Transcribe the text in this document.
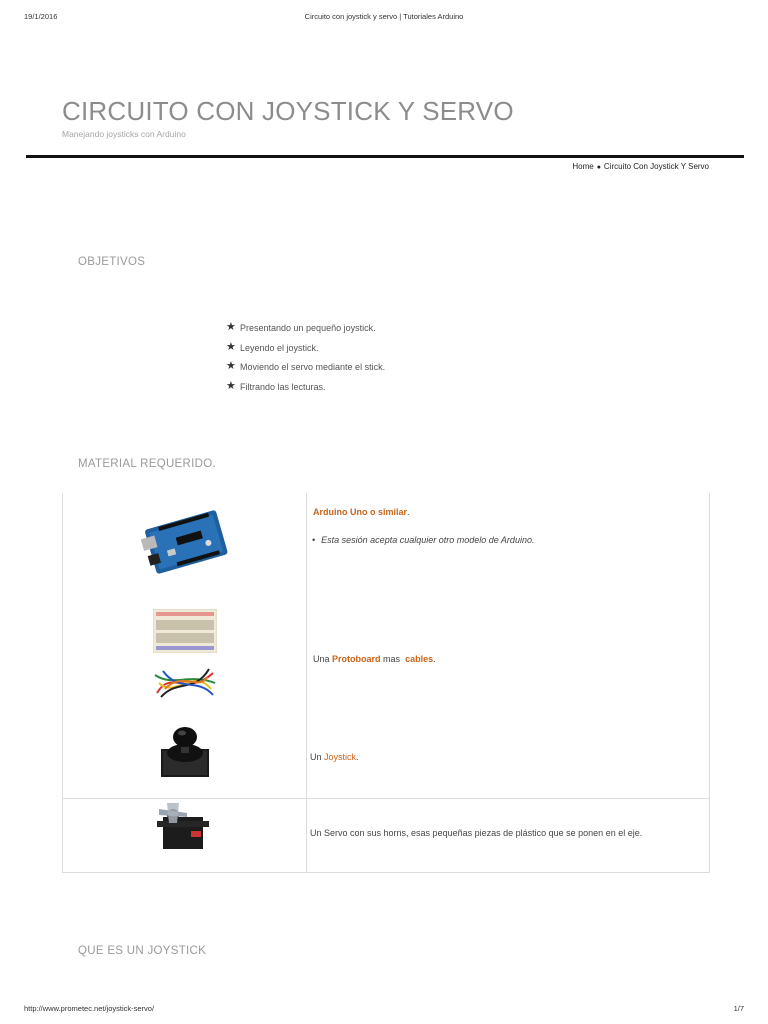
19/1/2016	Circuito con joystick y servo | Tutoriales Arduino
CIRCUITO CON JOYSTICK Y SERVO
Manejando joysticks con Arduino
Home ● Circuito Con Joystick Y Servo
OBJETIVOS
★ Presentando un pequeño joystick.
★ Leyendo el joystick.
★ Moviendo el servo mediante el stick.
★ Filtrando las lecturas.
MATERIAL REQUERIDO.
Arduino Uno o similar.
• Esta sesión acepta cualquier otro modelo de Arduino.
Una Protoboard mas cables.
Un Joystick.
Un Servo con sus horns, esas pequeñas piezas de plástico que se ponen en el eje.
QUE ES UN JOYSTICK
http://www.prometec.net/joystick-servo/	1/7
